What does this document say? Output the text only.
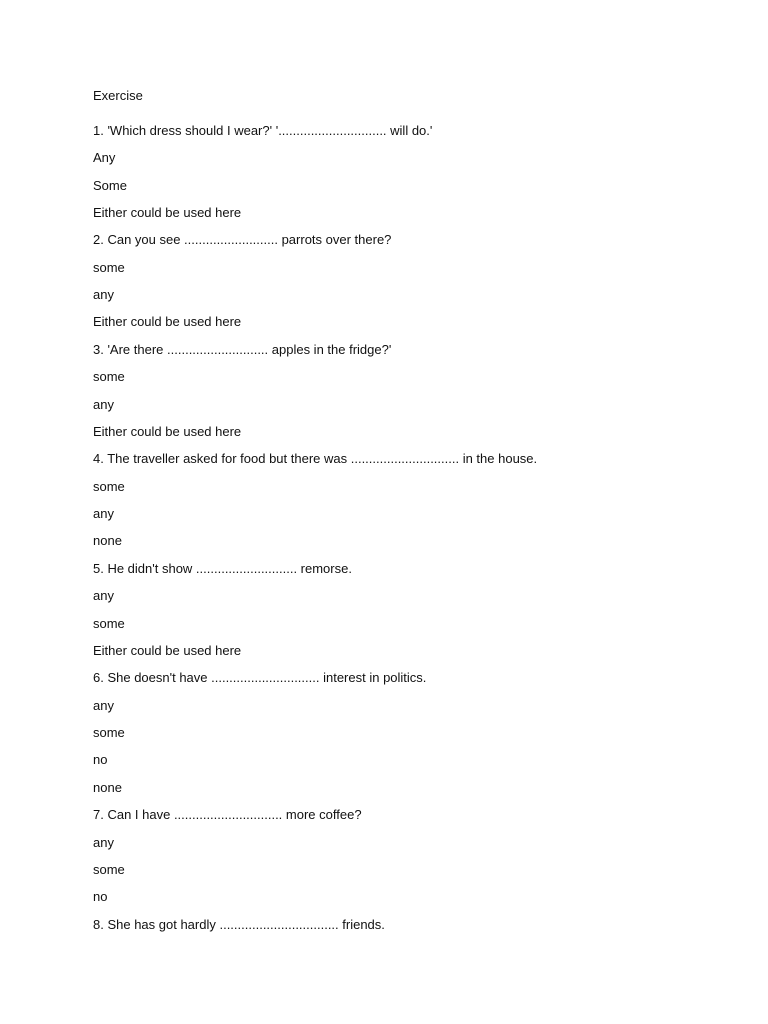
Exercise
1. 'Which dress should I wear?' '.............................. will do.'
Any
Some
Either could be used here
2. Can you see .......................... parrots over there?
some
any
Either could be used here
3. 'Are there ............................ apples in the fridge?'
some
any
Either could be used here
4. The traveller asked for food but there was .............................. in the house.
some
any
none
5. He didn't show ............................ remorse.
any
some
Either could be used here
6. She doesn't have .............................. interest in politics.
any
some
no
none
7. Can I have .............................. more coffee?
any
some
no
8. She has got hardly ................................. friends.
